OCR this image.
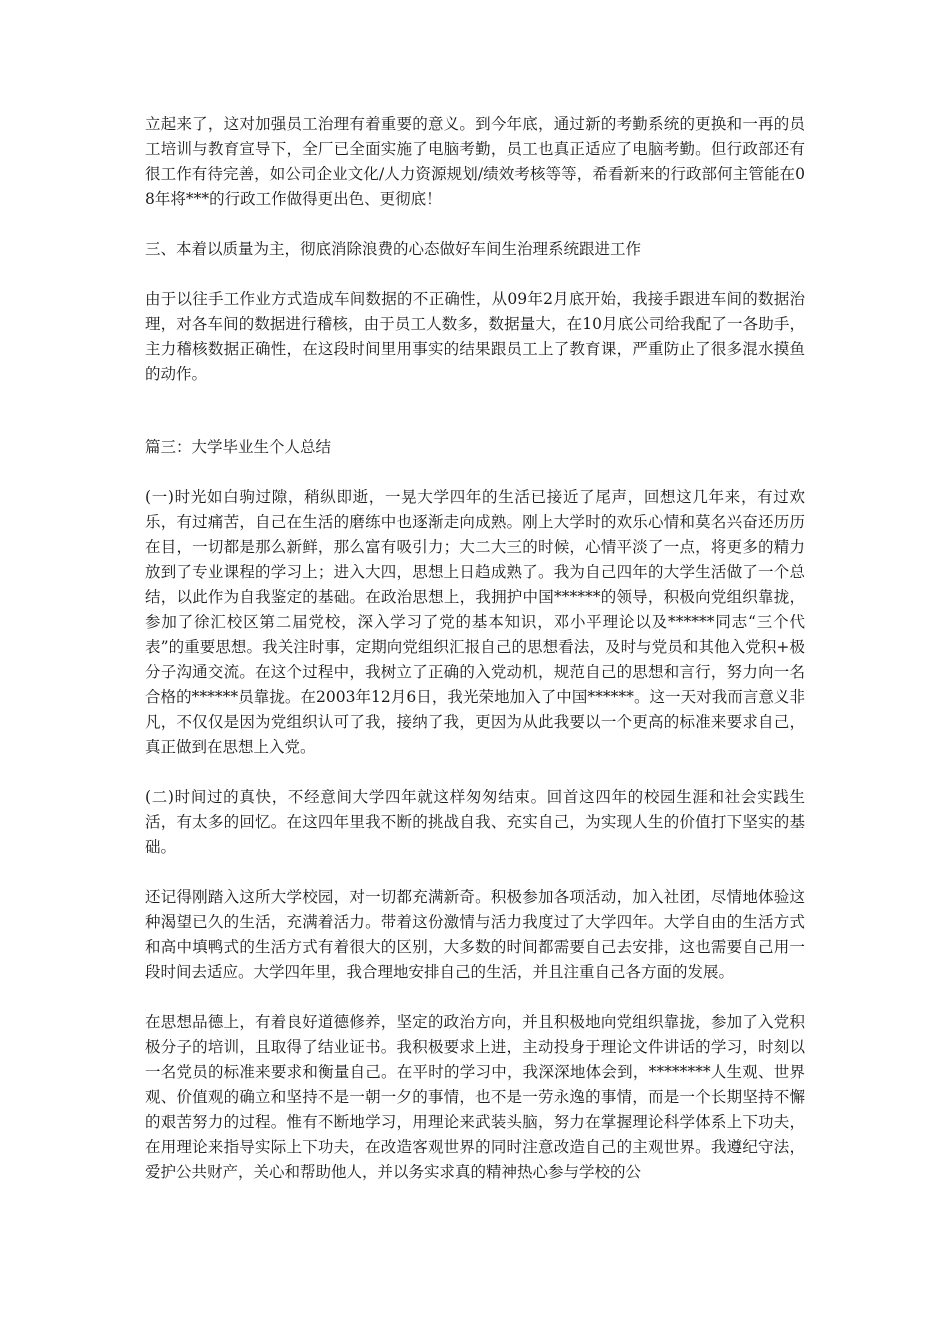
立起来了，这对加强员工治理有着重要的意义。到今年底，通过新的考勤系统的更换和一再的员工培训与教育宣导下，全厂已全面实施了电脑考勤，员工也真正适应了电脑考勤。但行政部还有很工作有待完善，如公司企业文化/人力资源规划/绩效考核等等，希看新来的行政部何主管能在08年将***的行政工作做得更出色、更彻底！

三、本着以质量为主，彻底消除浪费的心态做好车间生治理系统跟进工作

由于以往手工作业方式造成车间数据的不正确性，从09年2月底开始，我接手跟进车间的数据治理，对各车间的数据进行稽核，由于员工人数多，数据量大，在10月底公司给我配了一各助手，主力稽核数据正确性，在这段时间里用事实的结果跟员工上了教育课，严重防止了很多混水摸鱼的动作。

篇三：大学毕业生个人总结

(一)时光如白驹过隙，稍纵即逝，一晃大学四年的生活已接近了尾声，回想这几年来，有过欢乐，有过痛苦，自己在生活的磨练中也逐渐走向成熟。刚上大学时的欢乐心情和莫名兴奋还历历在目，一切都是那么新鲜，那么富有吸引力；大二大三的时候，心情平淡了一点，将更多的精力放到了专业课程的学习上；进入大四，思想上日趋成熟了。我为自己四年的大学生活做了一个总结，以此作为自我鉴定的基础。在政治思想上，我拥护中国******的领导，积极向党组织靠拢，参加了徐汇校区第二届党校，深入学习了党的基本知识，邓小平理论以及******同志“三个代表”的重要思想。我关注时事，定期向党组织汇报自己的思想看法，及时与党员和其他入党积+极分子沟通交流。在这个过程中，我树立了正确的入党动机，规范自己的思想和言行，努力向一名合格的******员靠拢。在2003年12月6日，我光荣地加入了中国******。这一天对我而言意义非凡，不仅仅是因为党组织认可了我，接纳了我，更因为从此我要以一个更高的标准来要求自己，真正做到在思想上入党。

(二)时间过的真快，不经意间大学四年就这样匆匆结束。回首这四年的校园生涯和社会实践生活，有太多的回忆。在这四年里我不断的挑战自我、充实自己，为实现人生的价值打下坚实的基础。

还记得刚踏入这所大学校园，对一切都充满新奇。积极参加各项活动，加入社团，尽情地体验这种渴望已久的生活，充满着活力。带着这份激情与活力我度过了大学四年。大学自由的生活方式和高中填鸭式的生活方式有着很大的区别，大多数的时间都需要自己去安排，这也需要自己用一段时间去适应。大学四年里，我合理地安排自己的生活，并且注重自己各方面的发展。

在思想品德上，有着良好道德修养，坚定的政治方向，并且积极地向党组织靠拢，参加了入党积极分子的培训，且取得了结业证书。我积极要求上进，主动投身于理论文件讲话的学习，时刻以一名党员的标准来要求和衡量自己。在平时的学习中，我深深地体会到，********人生观、世界观、价值观的确立和坚持不是一朝一夕的事情，也不是一劳永逸的事情，而是一个长期坚持不懈的艰苦努力的过程。惟有不断地学习，用理论来武装头脑，努力在掌握理论科学体系上下功夫，在用理论来指导实际上下功夫，在改造客观世界的同时注意改造自己的主观世界。我遵纪守法，爱护公共财产，关心和帮助他人，并以务实求真的精神热心参与学校的公
